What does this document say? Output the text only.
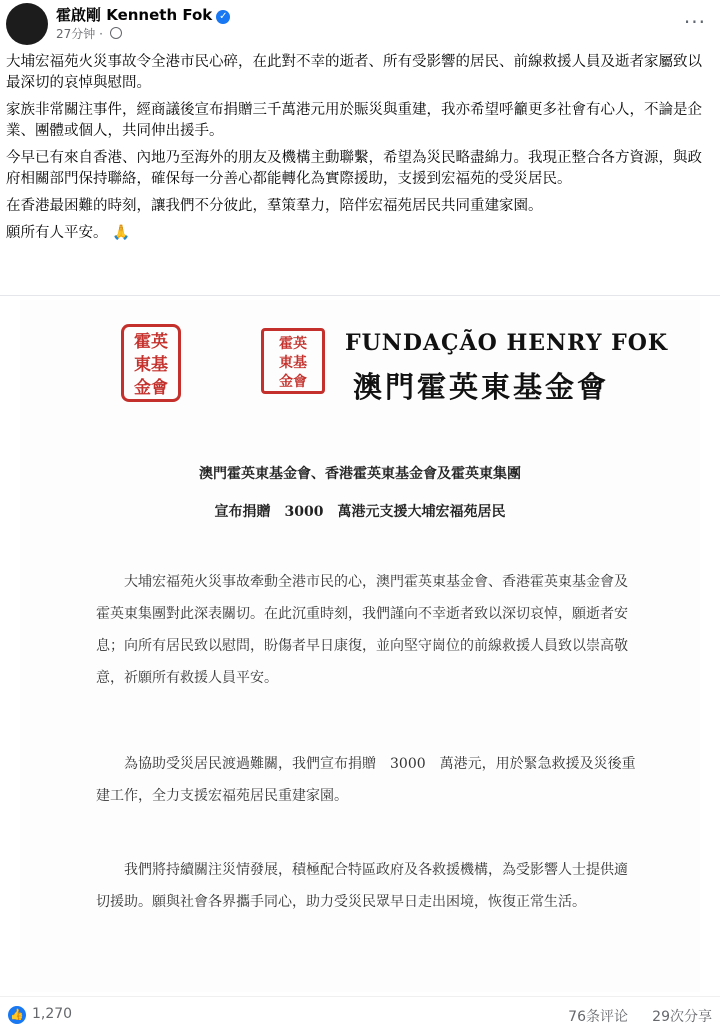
霍啟剛 Kenneth Fok ✓
27分钟 ·	···

大埔宏福苑火災事故令全港市民心碎，在此對不幸的逝者、所有受影響的居民、前線救援人員及逝者家屬致以最深切的哀悼與慰問。

家族非常關注事件，經商議後宣布捐贈三千萬港元用於賑災與重建，我亦希望呼籲更多社會有心人，不論是企業、團體或個人，共同伸出援手。

今早已有來自香港、內地乃至海外的朋友及機構主動聯繫，希望為災民略盡綿力。我現正整合各方資源，與政府相關部門保持聯絡，確保每一分善心都能轉化為實際援助，支援到宏福苑的受災居民。

在香港最困難的時刻，讓我們不分彼此，羣策羣力，陪伴宏福苑居民共同重建家園。

願所有人平安。 🙏

霍英
東基
金會
霍英
東基
金會
FUNDAÇÃO HENRY FOK
澳門霍英東基金會
澳門霍英東基金會、香港霍英東基金會及霍英東集團
宣布捐贈　3000　萬港元支援大埔宏福苑居民

大埔宏福苑火災事故牽動全港市民的心，澳門霍英東基金會、香港霍英東基金會及霍英東集團對此深表關切。在此沉重時刻，我們謹向不幸逝者致以深切哀悼，願逝者安息；向所有居民致以慰問，盼傷者早日康復，並向堅守崗位的前線救援人員致以崇高敬意，祈願所有救援人員平安。

為協助受災居民渡過難關，我們宣布捐贈　3000　萬港元，用於緊急救援及災後重建工作，全力支援宏福苑居民重建家園。

我們將持續關注災情發展，積極配合特區政府及各救援機構，為受影響人士提供適切援助。願與社會各界攜手同心，助力受災民眾早日走出困境，恢復正常生活。

👍 1,270	76条评论 29次分享
